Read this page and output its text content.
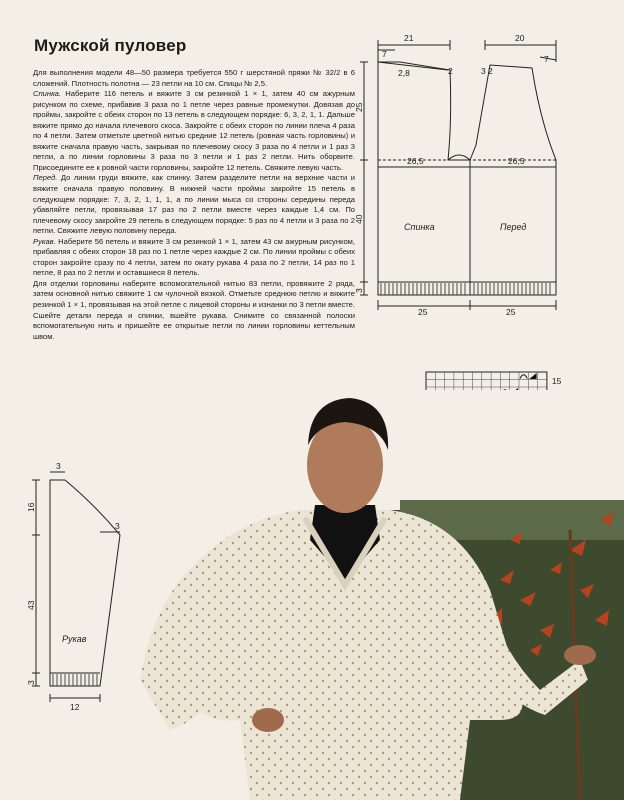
Мужской пуловер

Для выполнения модели 48—50 размера требуется 550 г шерстяной пряжи № 32/2 в 6 сложений. Плотность полотна — 23 петли на 10 см. Спицы № 2,5.

Спинка. Наберите 116 петель и вяжите 3 см резинкой 1 × 1, затем 40 см ажурным рисунком по схеме, прибавив 3 раза по 1 петле через равные промежутки. Довязав до проймы, закройте с обеих сторон по 13 петель в следующем порядке: 6, 3, 2, 1, 1. Дальше вяжите прямо до начала плечевого скоса. Закройте с обеих сторон по линии плеча 4 раза по 4 петли. Затем отметьте цветной нитью средние 12 петель (ровная часть горловины) и вяжите сначала правую часть, закрывая по плечевому скосу 3 раза по 4 петли и 1 раз 3 петли, а по линии горловины 3 раза по 3 петли и 1 раз 2 петли. Нить оборвите. Присоедините ее к ровной части горловины, закройте 12 петель. Свяжите левую часть.

Перед. До линии груди вяжите, как спинку. Затем разделите петли на верхние части и вяжите сначала правую половину. В нижней части проймы закройте 15 петель в следующем порядке: 7, 3, 2, 1, 1, 1, а по линии мыса со стороны середины переда убавляйте петли, провязывая 17 раз по 2 петли вместе через каждые 1,4 см. По плечевому скосу закройте 29 петель в следующем порядке: 5 раз по 4 петли и 3 раза по 2 петли. Свяжите левую половину переда.

Рукав. Наберите 56 петель и вяжите 3 см резинкой 1 × 1, затем 43 см ажурным рисунком, прибавляя с обеих сторон 18 раз по 1 петле через каждые 2 см. По линии проймы с обеих сторон закройте сразу по 4 петли, затем по окату рукава 4 раза по 2 петли, 14 раз по 1 петле, 8 раз по 2 петли и оставшиеся 8 петель.

Для отделки горловины наберите вспомогательной нитью 83 петли, провяжите 2 ряда, затем основной нитью свяжите 1 см чулочной вязкой. Отметьте среднюю петлю и вяжите резинкой 1 × 1, провязывая на этой петле с лицевой стороны и изнанки по 3 петли вместе. Сшейте детали переда и спинки, вшейте рукава. Снимите со связанной полоски вспомогательную нить и пришейте ее открытые петли по линии горловины кеттельным швом.

21	20
7	7
2,8	2	2
3
25
26,5	26,5
40
3
25	25
Спинка	Перед
3
16
3
43
3
12
Рукав
15
